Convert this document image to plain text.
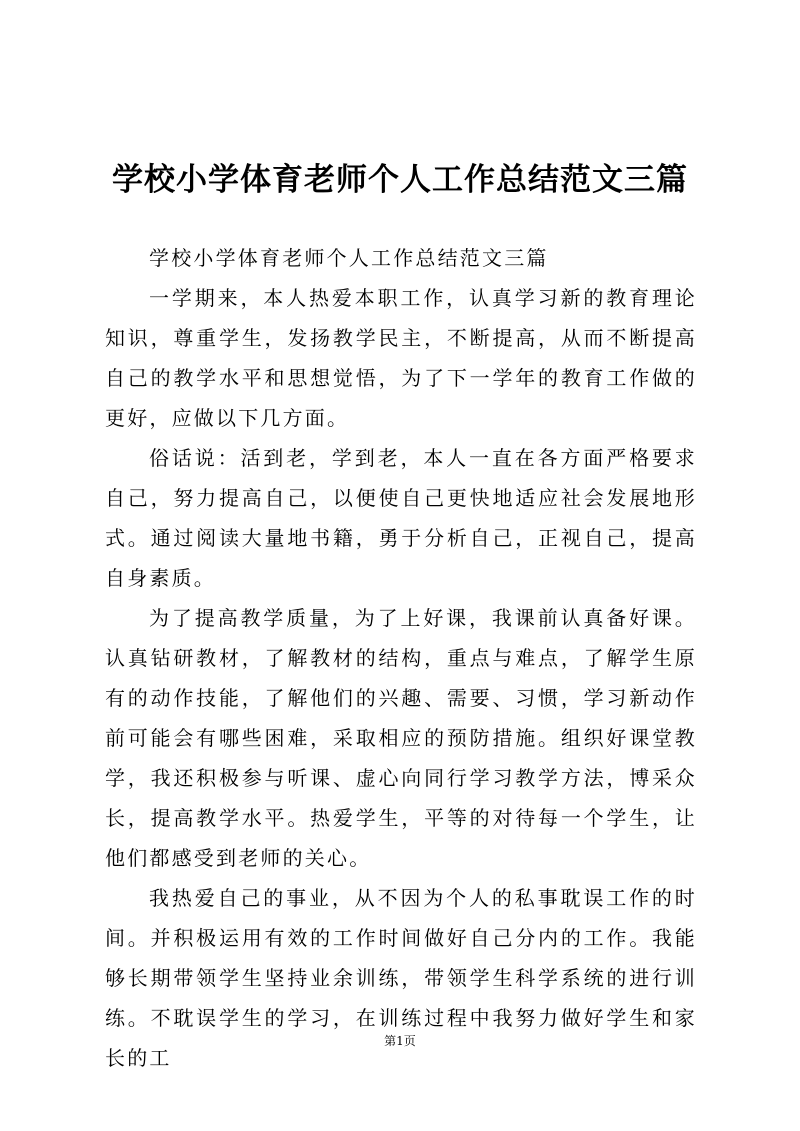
学校小学体育老师个人工作总结范文三篇

学校小学体育老师个人工作总结范文三篇

一学期来，本人热爱本职工作，认真学习新的教育理论知识，尊重学生，发扬教学民主，不断提高，从而不断提高自己的教学水平和思想觉悟，为了下一学年的教育工作做的更好，应做以下几方面。

俗话说：活到老，学到老，本人一直在各方面严格要求自己，努力提高自己，以便使自己更快地适应社会发展地形式。通过阅读大量地书籍，勇于分析自己，正视自己，提高自身素质。

为了提高教学质量，为了上好课，我课前认真备好课。认真钻研教材，了解教材的结构，重点与难点，了解学生原有的动作技能，了解他们的兴趣、需要、习惯，学习新动作前可能会有哪些困难，采取相应的预防措施。组织好课堂教学，我还积极参与听课、虚心向同行学习教学方法，博采众长，提高教学水平。热爱学生，平等的对待每一个学生，让他们都感受到老师的关心。

我热爱自己的事业，从不因为个人的私事耽误工作的时间。并积极运用有效的工作时间做好自己分内的工作。我能够长期带领学生坚持业余训练，带领学生科学系统的进行训练。不耽误学生的学习，在训练过程中我努力做好学生和家长的工

第1页
